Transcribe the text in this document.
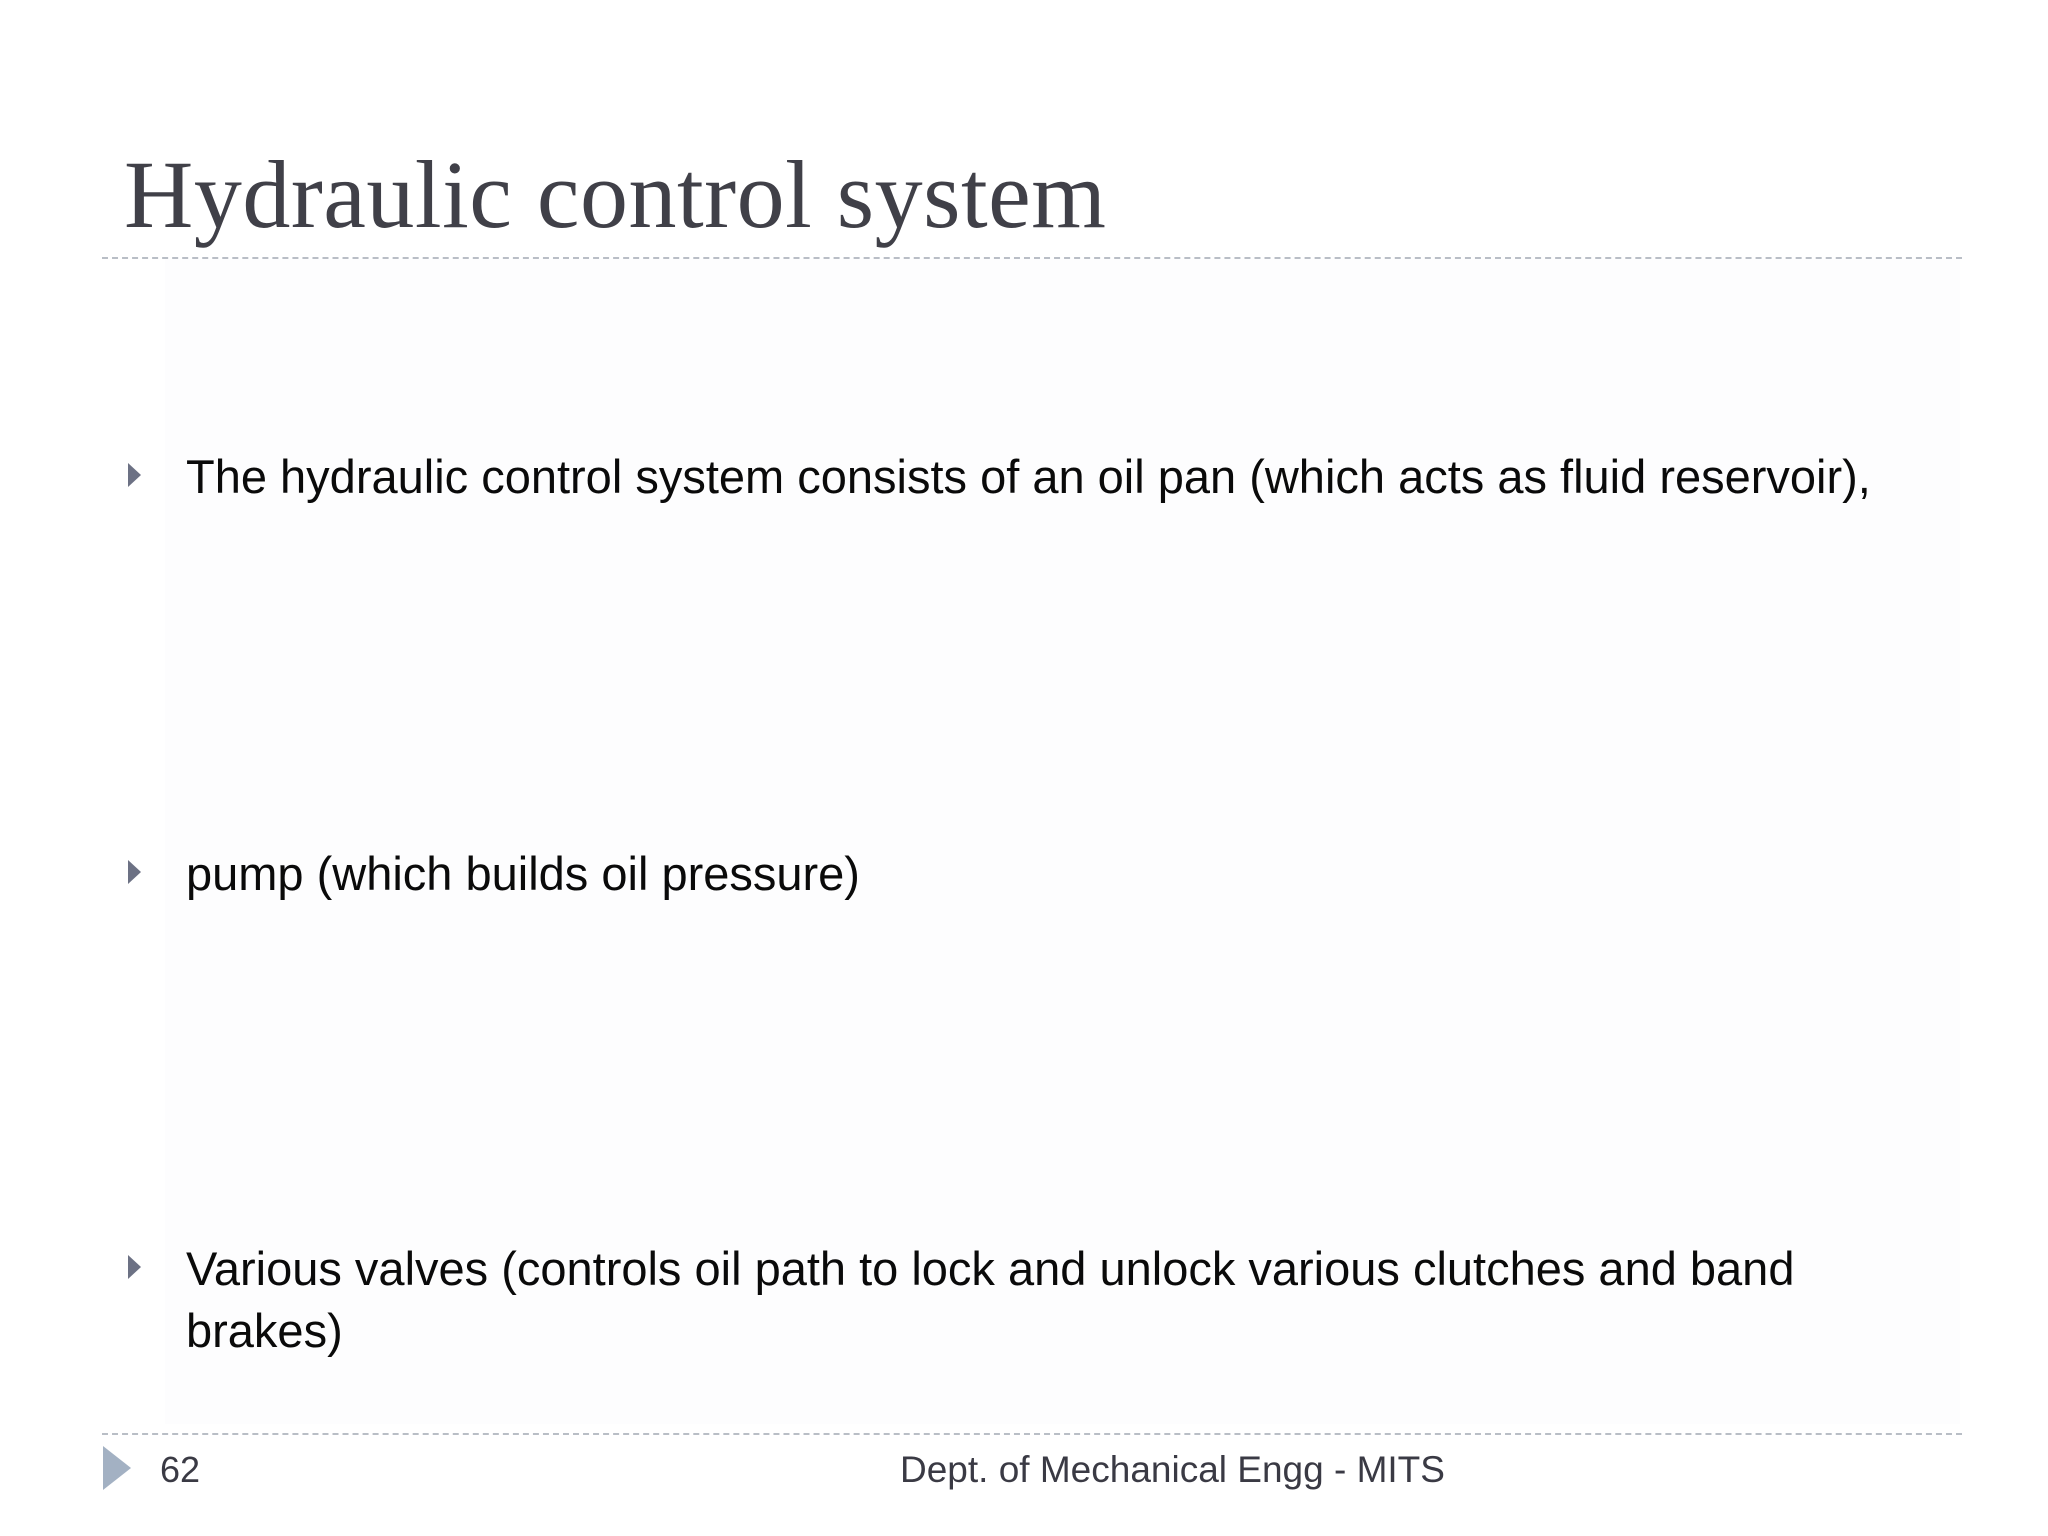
Hydraulic control system
The hydraulic control system consists of an oil pan (which acts as fluid reservoir),
pump (which builds oil pressure)
Various valves (controls oil path to lock and unlock various clutches and band brakes)
62	Dept. of Mechanical Engg - MITS
